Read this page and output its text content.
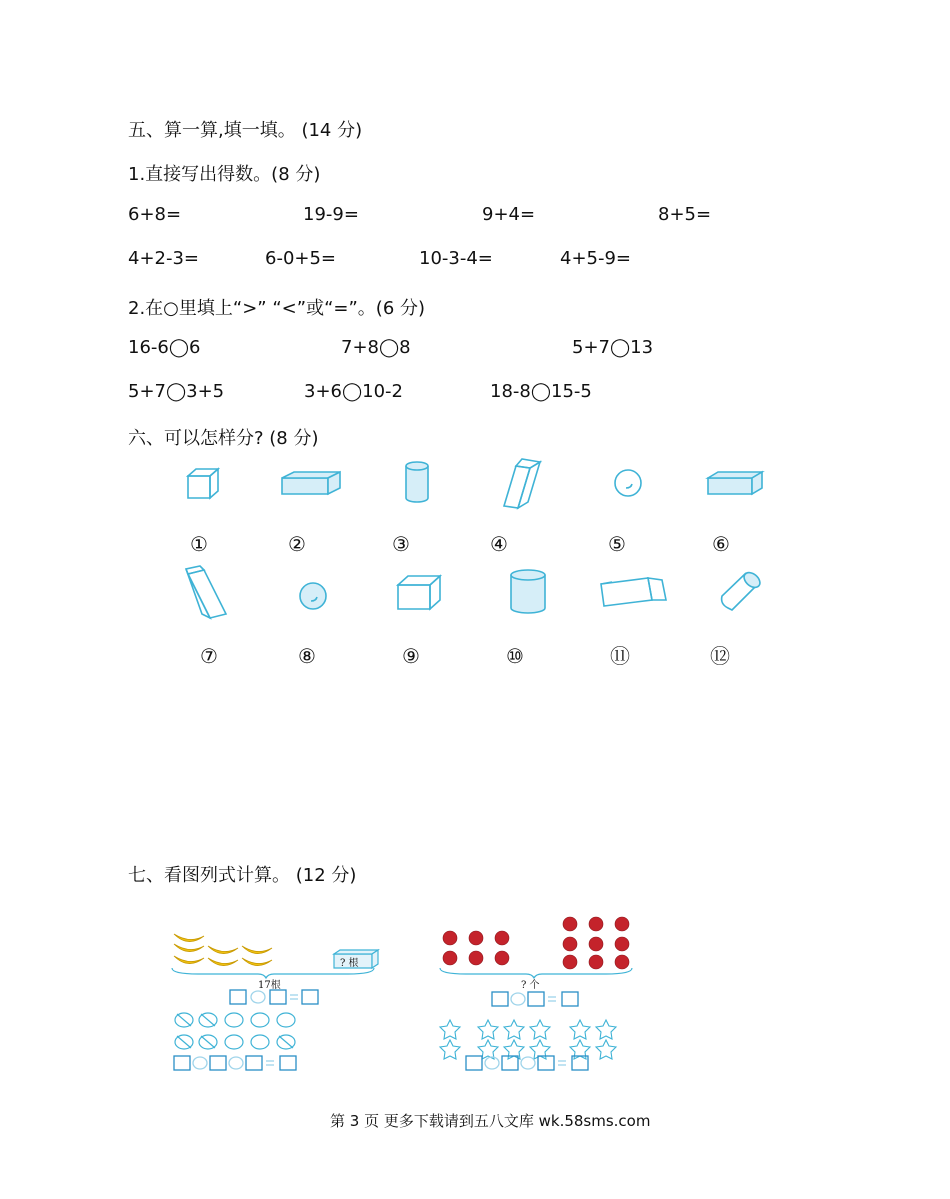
五、算一算,填一填。 (14 分)
1.直接写出得数。(8 分)
6+8=	19-9=	9+4=	8+5=
4+2-3=	6-0+5=	10-3-4=	4+5-9=
2.在○里填上“>” “<”或“=”。(6 分)
16-6◯6	7+8◯8	5+7◯13
5+7◯3+5	3+6◯10-2	18-8◯15-5
六、可以怎样分? (8 分)
①	②	③	④	⑤	⑥
⑦	⑧	⑨	⑩	⑪	⑫
七、看图列式计算。 (12 分)
17根
? 根
? 个
第 3 页 更多下载请到五八文库 wk.58sms.com
